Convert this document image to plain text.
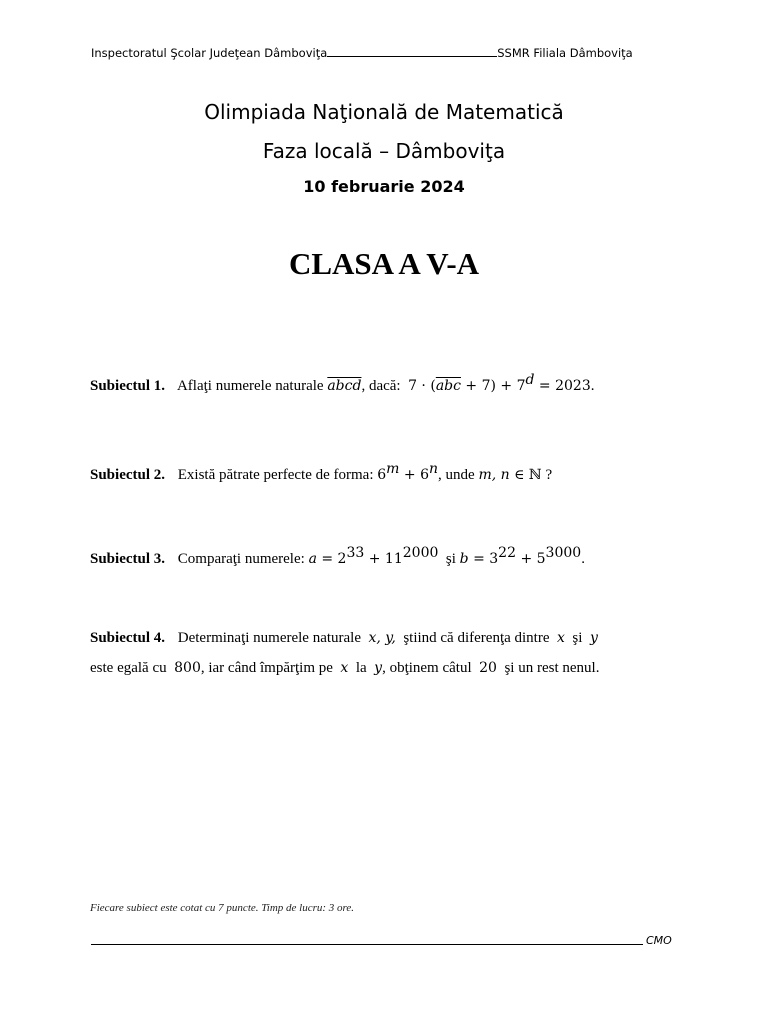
Inspectoratul Şcolar Judeţean Dâmboviţa	SSMR Filiala Dâmboviţa
Olimpiada Naţională de Matematică
Faza locală – Dâmboviţa
10 februarie 2024
CLASA A V-A
Subiectul 1. Aflaţi numerele naturale abcd, dacă: $7 \cdot (\overline{abc} + 7) + 7^d = 2023$.
Subiectul 2. Există pătrate perfecte de forma: $6^m + 6^n$, unde m, n ∈ ℕ ?
Subiectul 3. Comparaţi numerele: $a = 2^{33} + 11^{2000}$ şi $b = 3^{22} + 5^{3000}$.
Subiectul 4. Determinaţi numerele naturale x, y, ştiind că diferenţa dintre x şi y
este egală cu 800, iar când împărţim pe x la y, obţinem câtul 20 şi un rest nenul.
Fiecare subiect este cotat cu 7 puncte. Timp de lucru: 3 ore.
CMO
